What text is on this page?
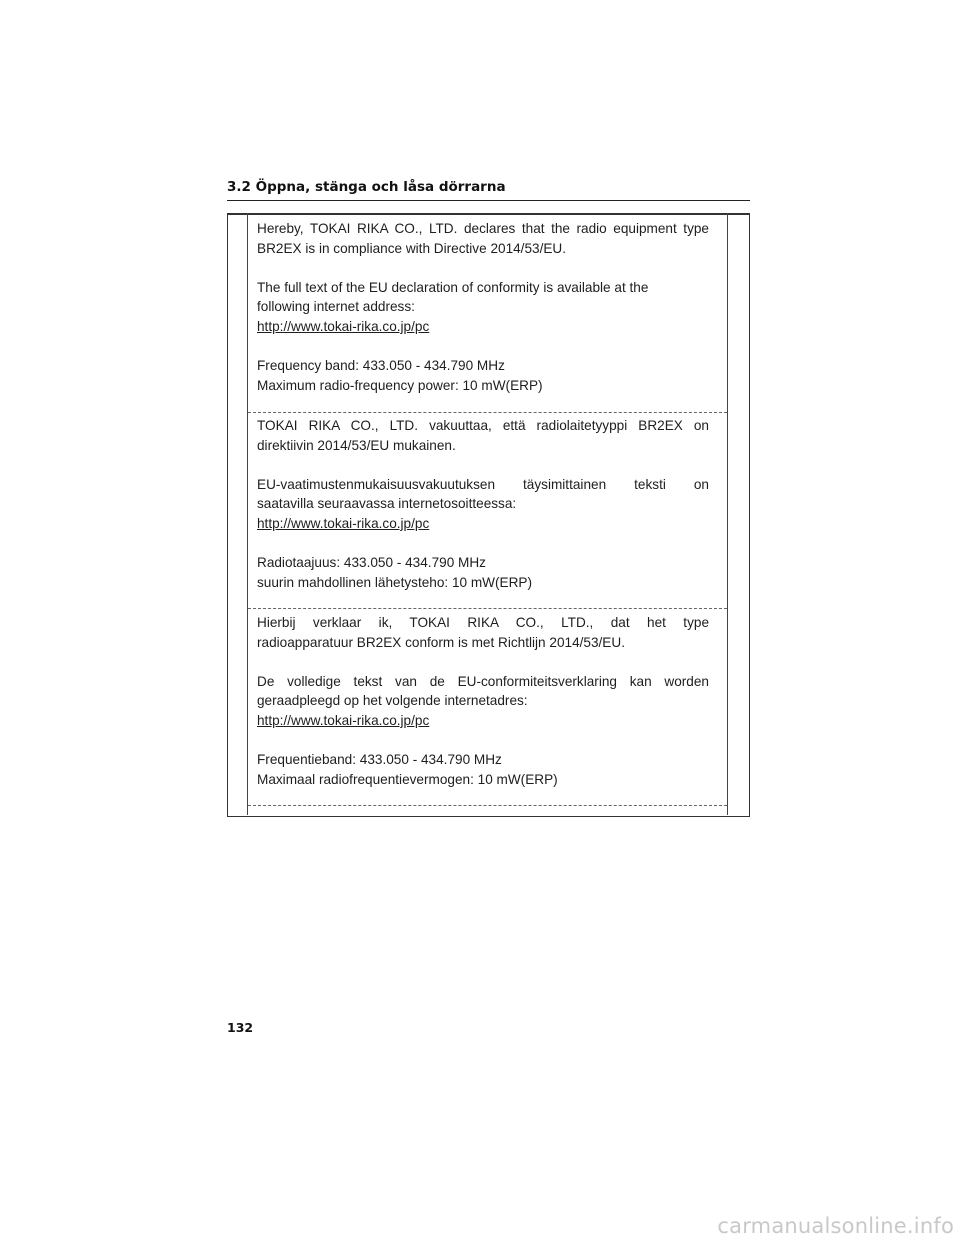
3.2 Öppna, stänga och låsa dörrarna

Hereby, TOKAI RIKA CO., LTD. declares that the radio equipment type
BR2EX is in compliance with Directive 2014/53/EU.

The full text of the EU declaration of conformity is available at the
following internet address:
http://www.tokai-rika.co.jp/pc

Frequency band: 433.050 - 434.790 MHz
Maximum radio-frequency power: 10 mW(ERP)

TOKAI RIKA CO., LTD. vakuuttaa, että radiolaitetyyppi BR2EX on
direktiivin 2014/53/EU mukainen.

EU-vaatimustenmukaisuusvakuutuksen täysimittainen teksti on
saatavilla seuraavassa internetosoitteessa:
http://www.tokai-rika.co.jp/pc

Radiotaajuus: 433.050 - 434.790 MHz
suurin mahdollinen lähetysteho: 10 mW(ERP)

Hierbij verklaar ik, TOKAI RIKA CO., LTD., dat het type
radioapparatuur BR2EX conform is met Richtlijn 2014/53/EU.

De volledige tekst van de EU-conformiteitsverklaring kan worden
geraadpleegd op het volgende internetadres:
http://www.tokai-rika.co.jp/pc

Frequentieband: 433.050 - 434.790 MHz
Maximaal radiofrequentievermogen: 10 mW(ERP)

132
carmanualsonline.info
